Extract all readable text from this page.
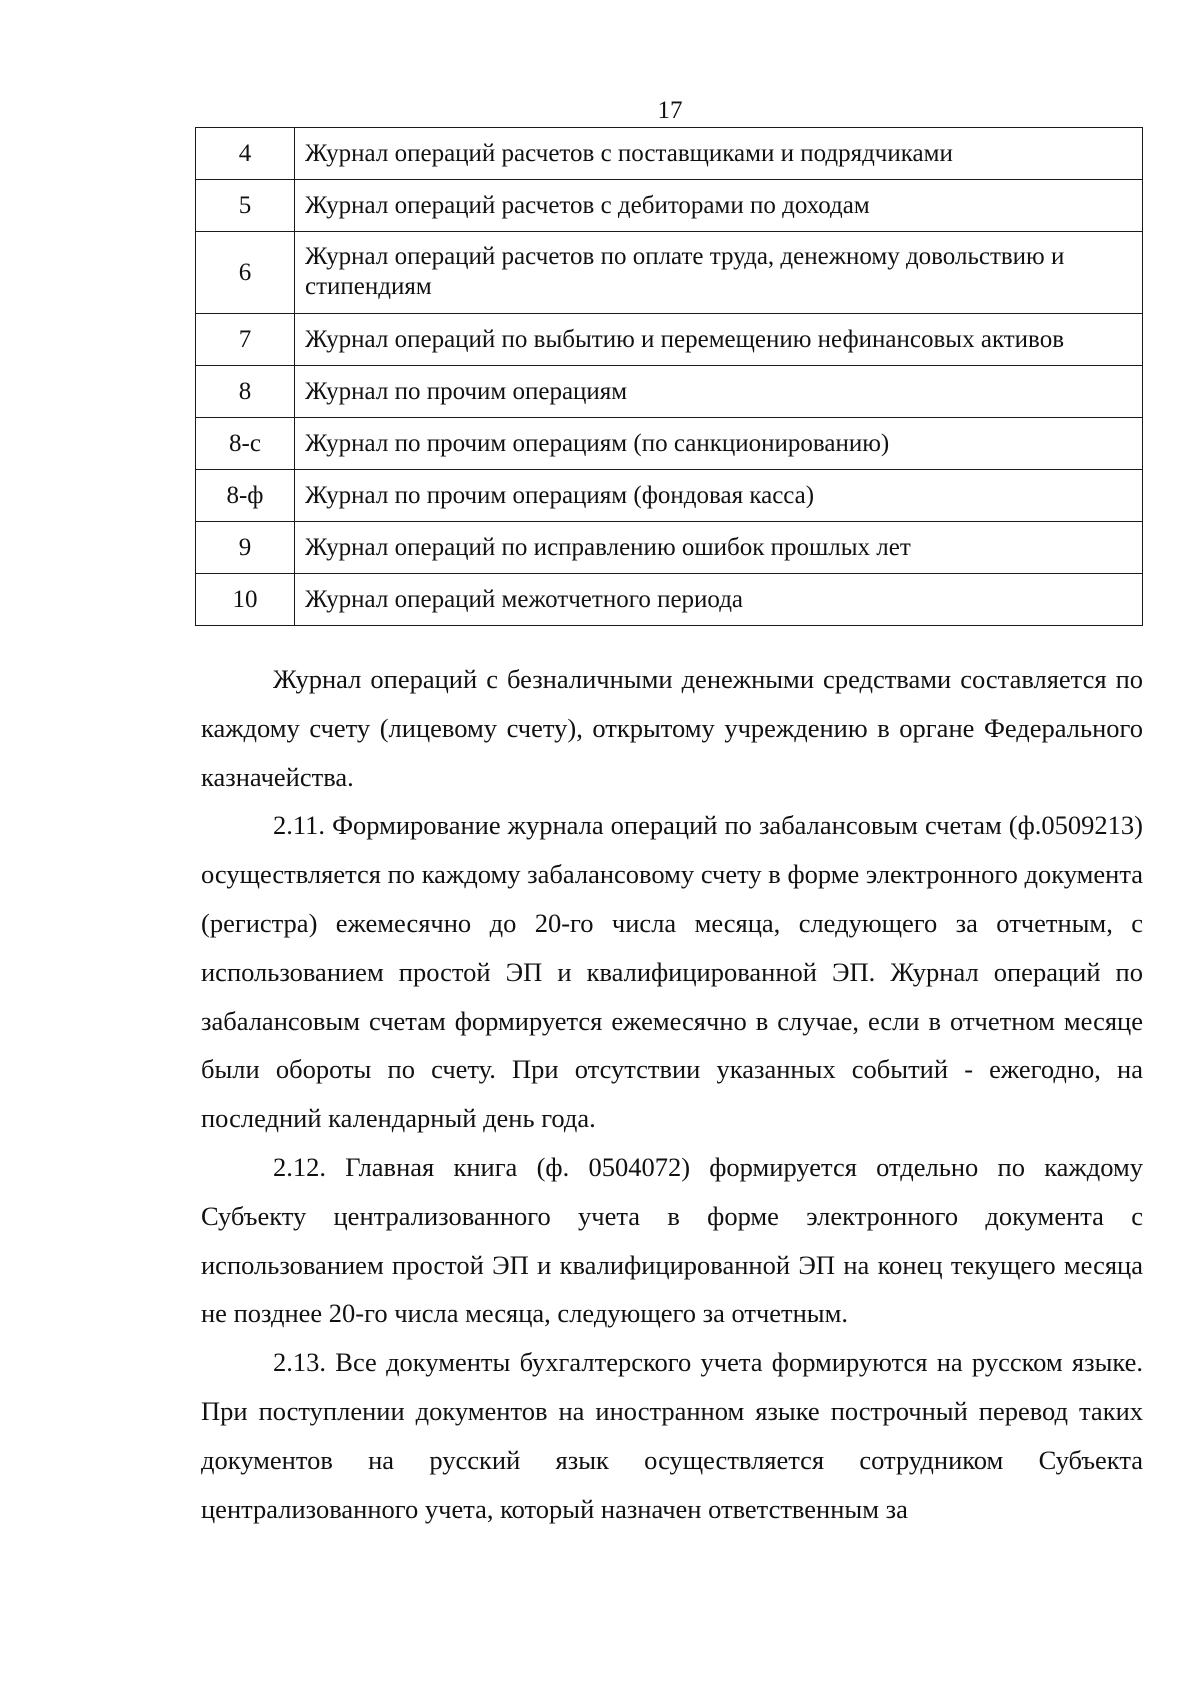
17
4	Журнал операций расчетов с поставщиками и подрядчиками
5	Журнал операций расчетов с дебиторами по доходам
6	Журнал операций расчетов по оплате труда, денежному довольствию и стипендиям
7	Журнал операций по выбытию и перемещению нефинансовых активов
8	Журнал по прочим операциям
8-с	Журнал по прочим операциям (по санкционированию)
8-ф	Журнал по прочим операциям (фондовая касса)
9	Журнал операций по исправлению ошибок прошлых лет
10	Журнал операций межотчетного периода

Журнал операций с безналичными денежными средствами составляется по каждому счету (лицевому счету), открытому учреждению в органе Федерального казначейства.

2.11. Формирование журнала операций по забалансовым счетам (ф.0509213) осуществляется по каждому забалансовому счету в форме электронного документа (регистра) ежемесячно до 20-го числа месяца, следующего за отчетным, с использованием простой ЭП и квалифицированной ЭП. Журнал операций по забалансовым счетам формируется ежемесячно в случае, если в отчетном месяце были обороты по счету. При отсутствии указанных событий - ежегодно, на последний календарный день года.

2.12. Главная книга (ф. 0504072) формируется отдельно по каждому Субъекту централизованного учета в форме электронного документа с использованием простой ЭП и квалифицированной ЭП на конец текущего месяца не позднее 20-го числа месяца, следующего за отчетным.

2.13. Все документы бухгалтерского учета формируются на русском языке. При поступлении документов на иностранном языке построчный перевод таких документов на русский язык осуществляется сотрудником Субъекта централизованного учета, который назначен ответственным за
